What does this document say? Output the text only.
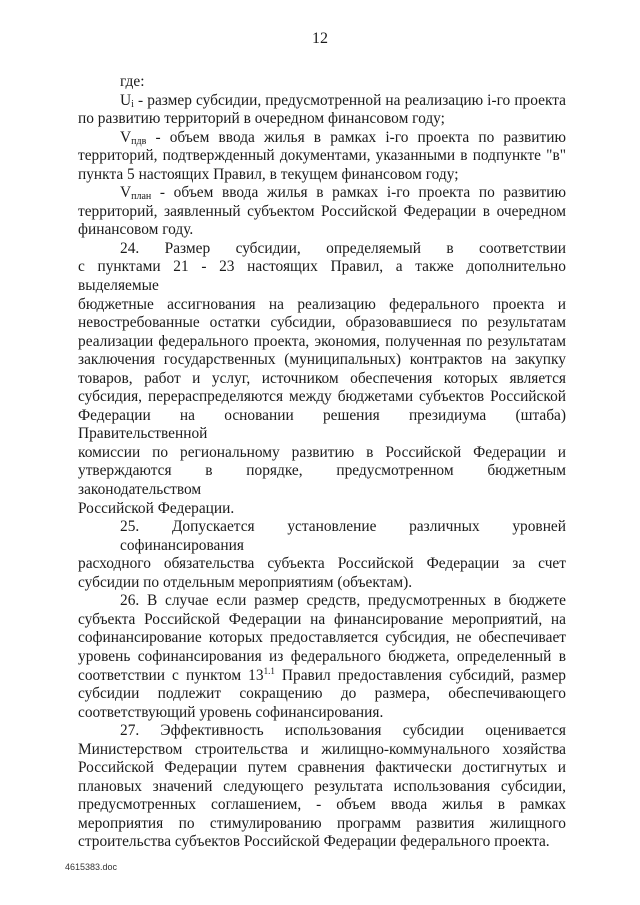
12
где:
$U_i$ - размер субсидии, предусмотренной на реализацию i-го проекта
по развитию территорий в очередном финансовом году;
$V_{пдв}$ - объем ввода жилья в рамках i-го проекта по развитию
территорий, подтвержденный документами, указанными в подпункте "в"
пункта 5 настоящих Правил, в текущем финансовом году;
$V_{план}$ - объем ввода жилья в рамках i-го проекта по развитию
территорий, заявленный субъектом Российской Федерации в очередном
финансовом году.
24. Размер субсидии, определяемый в соответствии
с пунктами 21 - 23 настоящих Правил, а также дополнительно выделяемые
бюджетные ассигнования на реализацию федерального проекта и
невостребованные остатки субсидии, образовавшиеся по результатам
реализации федерального проекта, экономия, полученная по результатам
заключения государственных (муниципальных) контрактов на закупку
товаров, работ и услуг, источником обеспечения которых является
субсидия, перераспределяются между бюджетами субъектов Российской
Федерации на основании решения президиума (штаба) Правительственной
комиссии по региональному развитию в Российской Федерации и
утверждаются в порядке, предусмотренном бюджетным законодательством
Российской Федерации.
25. Допускается установление различных уровней софинансирования
расходного обязательства субъекта Российской Федерации за счет
субсидии по отдельным мероприятиям (объектам).
26. В случае если размер средств, предусмотренных в бюджете
субъекта Российской Федерации на финансирование мероприятий, на
софинансирование которых предоставляется субсидия, не обеспечивает
уровень софинансирования из федерального бюджета, определенный в
соответствии с пунктом $13^{1.1}$ Правил предоставления субсидий, размер
субсидии подлежит сокращению до размера, обеспечивающего
соответствующий уровень софинансирования.
27. Эффективность использования субсидии оценивается
Министерством строительства и жилищно-коммунального хозяйства
Российской Федерации путем сравнения фактически достигнутых и
плановых значений следующего результата использования субсидии,
предусмотренных соглашением, - объем ввода жилья в рамках
мероприятия по стимулированию программ развития жилищного
строительства субъектов Российской Федерации федерального проекта.
4615383.doc
